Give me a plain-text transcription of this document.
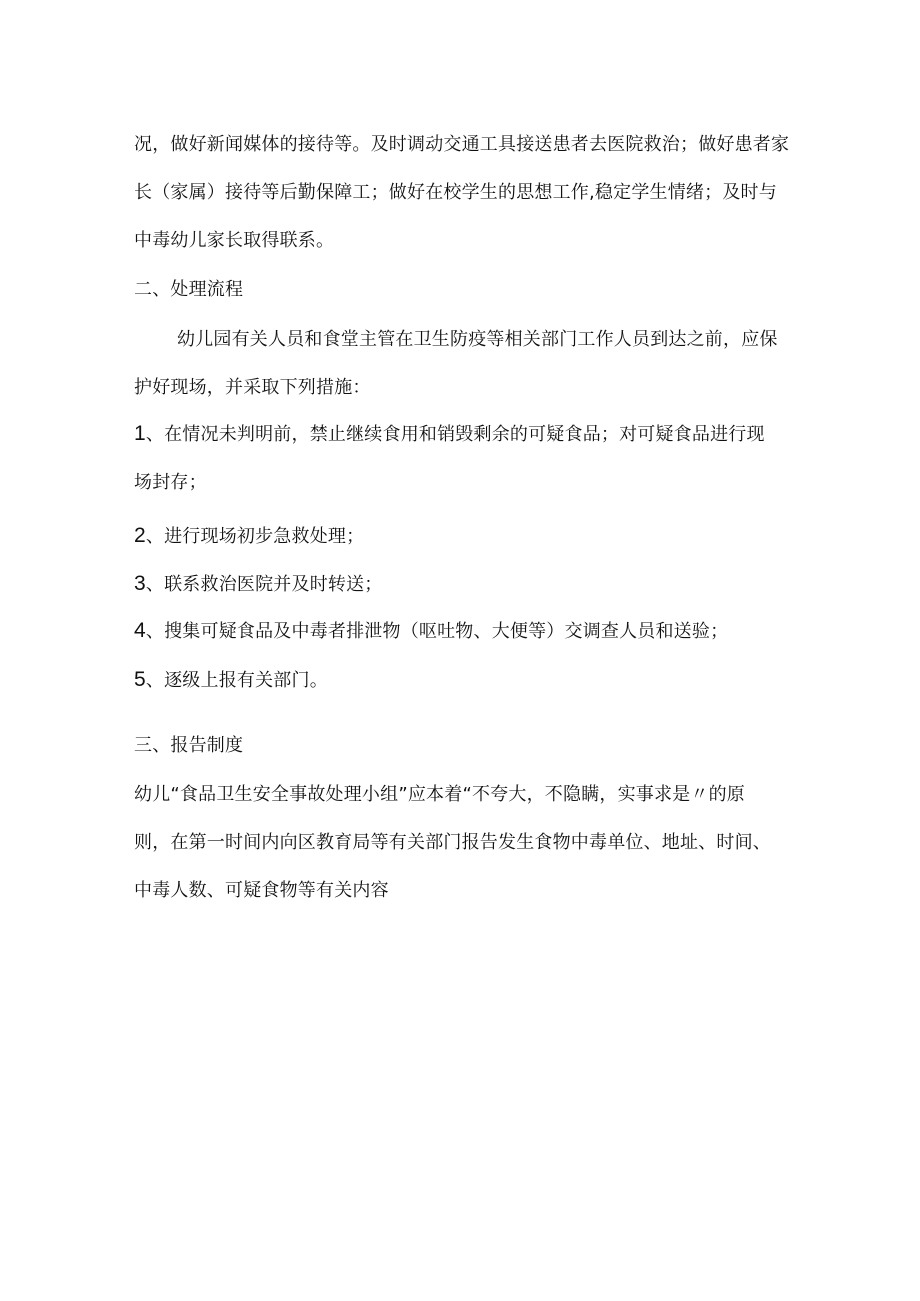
况，做好新闻媒体的接待等。及时调动交通工具接送患者去医院救治；做好患者家
长（家属）接待等后勤保障工；做好在校学生的思想工作,稳定学生情绪；及时与
中毒幼儿家长取得联系。
二、处理流程
幼儿园有关人员和食堂主管在卫生防疫等相关部门工作人员到达之前，应保
护好现场，并采取下列措施：
1、在情况未判明前，禁止继续食用和销毁剩余的可疑食品；对可疑食品进行现
场封存；
2、进行现场初步急救处理；
3、联系救治医院并及时转送；
4、搜集可疑食品及中毒者排泄物（呕吐物、大便等）交调查人员和送验；
5、逐级上报有关部门。
三、报告制度
幼儿“食品卫生安全事故处理小组”应本着“不夸大，不隐瞒，实事求是〃的原
则，在第一时间内向区教育局等有关部门报告发生食物中毒单位、地址、时间、
中毒人数、可疑食物等有关内容
